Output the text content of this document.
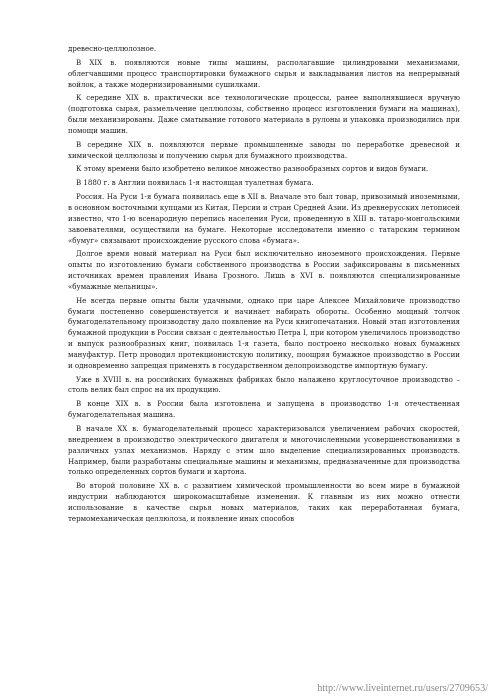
древесно-целлюлозное.

В XIX в. появляются новые типы машины, располагавшие цилиндровыми механизмами, облегчавшими процесс транспортировки бумажного сырья и выкладывания листов на непрерывный войлок, а также модернизированными сушилками.

К середине XIX в. практически все технологические процессы, ранее выполнявшиеся вручную (подготовка сырья, размельчение целлюлозы, собственно процесс изготовления бумаги на машинах), были механизированы. Даже сматывание готового материала в рулоны и упаковка производились при помощи машин.

В середине XIX в. появляются первые промышленные заводы по переработке древесной и химической целлюлозы и получению сырья для бумажного производства.

К этому времени было изобретено великое множество разнообразных сортов и видов бумаги.

В 1880 г. в Англии появилась 1-я настоящая туалетная бумага.

Россия. На Руси 1-я бумага появилась еще в XII в. Вначале это был товар, привозимый иноземными, в основном восточными купцами из Китая, Персии и стран Средней Азии. Из древнерусских летописей известно, что 1-ю всенародную перепись населения Руси, проведенную в XIII в. татаро-монгольскими завоевателями, осуществили на бумаге. Некоторые исследователи именно с татарским термином «бумуг» связывают происхождение русского слова «бумага».

Долгое время новый материал на Руси был исключительно иноземного происхождения. Первые опыты по изготовлению бумаги собственного производства в России зафиксированы в письменных источниках времен правления Ивана Грозного. Лишь в XVI в. появляются специализированные «бумажные мельницы».

Не всегда первые опыты были удачными, однако при царе Алексее Михайловиче производство бумаги постепенно совершенствуется и начинает набирать обороты. Особенно мощный толчок бумагоделательному производству дало появление на Руси книгопечатания. Новый этап изготовления бумажной продукции в России связан с деятельностью Петра I, при котором увеличилось производство и выпуск разнообразных книг, появилась 1-я газета, было построено несколько новых бумажных мануфактур. Петр проводил протекционистскую политику, поощряя бумажное производство в России и одновременно запрещая применять в государственном делопроизводстве импортную бумагу.

Уже в XVIII в. на российских бумажных фабриках было налажено круглосуточное производство – столь велик был спрос на их продукцию.

В конце XIX в. в России была изготовлена и запущена в производство 1-я отечественная бумагоделательная машина.

В начале XX в. бумагоделательный процесс характеризовался увеличением рабочих скоростей, внедрением в производство электрического двигателя и многочисленными усовершенствованиями в различных узлах механизмов. Наряду с этим шло выделение специализированных производств. Например, были разработаны специальные машины и механизмы, предназначенные для производства только определенных сортов бумаги и картона.

Во второй половине XX в. с развитием химической промышленности во всем мире в бумажной индустрии наблюдаются широкомасштабные изменения. К главным из них можно отнести использование в качестве сырья новых материалов, таких как переработанная бумага, термомеханическая целлюлоза, и появление иных способов

http://www.liveinternet.ru/users/2709653/
